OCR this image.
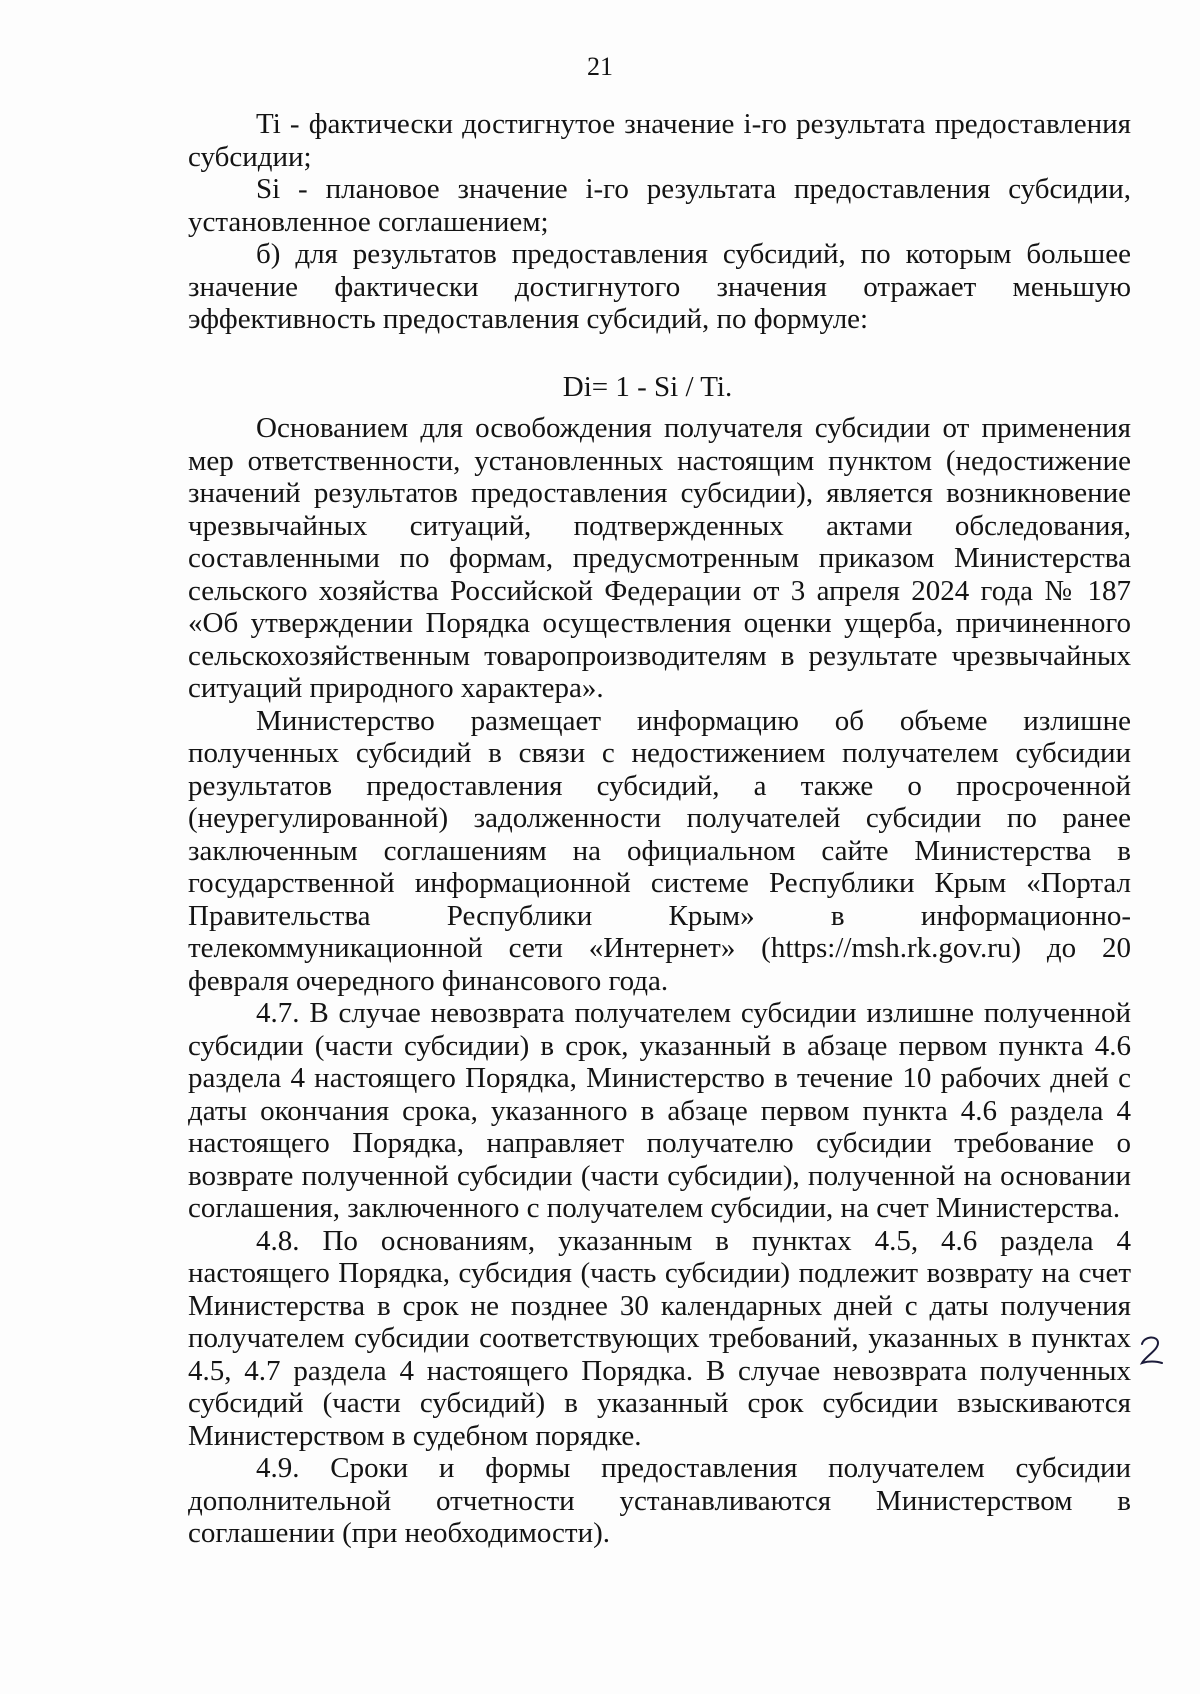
21

Ti - фактически достигнутое значение i-го результата предоставления субсидии;

Si - плановое значение i-го результата предоставления субсидии, установленное соглашением;

б) для результатов предоставления субсидий, по которым большее значение фактически достигнутого значения отражает меньшую эффективность предоставления субсидий, по формуле:

Di= 1 - Si / Ti.

Основанием для освобождения получателя субсидии от применения мер ответственности, установленных настоящим пунктом (недостижение значений результатов предоставления субсидии), является возникновение чрезвычайных ситуаций, подтвержденных актами обследования, составленными по формам, предусмотренным приказом Министерства сельского хозяйства Российской Федерации от 3 апреля 2024 года № 187 «Об утверждении Порядка осуществления оценки ущерба, причиненного сельскохозяйственным товаропроизводителям в результате чрезвычайных ситуаций природного характера».

Министерство размещает информацию об объеме излишне полученных субсидий в связи с недостижением получателем субсидии результатов предоставления субсидий, а также о просроченной (неурегулированной) задолженности получателей субсидии по ранее заключенным соглашениям на официальном сайте Министерства в государственной информационной системе Республики Крым «Портал Правительства Республики Крым» в информационно-телекоммуникационной сети «Интернет» (https://msh.rk.gov.ru) до 20 февраля очередного финансового года.

4.7. В случае невозврата получателем субсидии излишне полученной субсидии (части субсидии) в срок, указанный в абзаце первом пункта 4.6 раздела 4 настоящего Порядка, Министерство в течение 10 рабочих дней с даты окончания срока, указанного в абзаце первом пункта 4.6 раздела 4 настоящего Порядка, направляет получателю субсидии требование о возврате полученной субсидии (части субсидии), полученной на основании соглашения, заключенного с получателем субсидии, на счет Министерства.

4.8. По основаниям, указанным в пунктах 4.5, 4.6 раздела 4 настоящего Порядка, субсидия (часть субсидии) подлежит возврату на счет Министерства в срок не позднее 30 календарных дней с даты получения получателем субсидии соответствующих требований, указанных в пунктах 4.5, 4.7 раздела 4 настоящего Порядка. В случае невозврата полученных субсидий (части субсидий) в указанный срок субсидии взыскиваются Министерством в судебном порядке.

4.9. Сроки и формы предоставления получателем субсидии дополнительной отчетности устанавливаются Министерством в соглашении (при необходимости).
